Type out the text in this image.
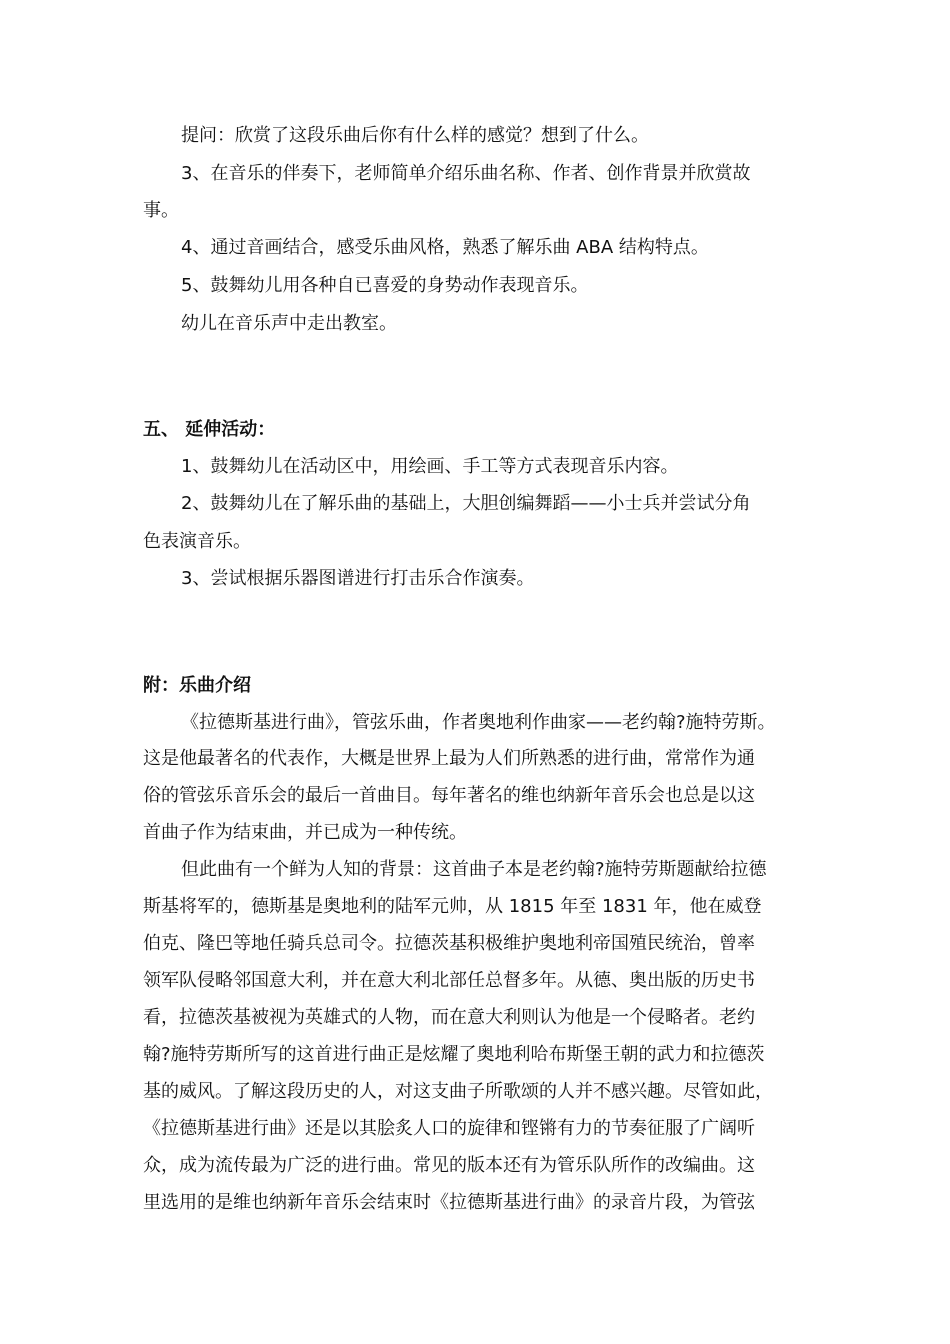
提问：欣赏了这段乐曲后你有什么样的感觉？想到了什么。
3、在音乐的伴奏下，老师简单介绍乐曲名称、作者、创作背景并欣赏故
事。
4、通过音画结合，感受乐曲风格，熟悉了解乐曲 ABA 结构特点。
5、鼓舞幼儿用各种自已喜爱的身势动作表现音乐。
幼儿在音乐声中走出教室。
五、 延伸活动：
1、鼓舞幼儿在活动区中，用绘画、手工等方式表现音乐内容。
2、鼓舞幼儿在了解乐曲的基础上，大胆创编舞蹈——小士兵并尝试分角
色表演音乐。
3、尝试根据乐器图谱进行打击乐合作演奏。
附：乐曲介绍
《拉德斯基进行曲》，管弦乐曲，作者奥地利作曲家——老约翰?施特劳斯。
这是他最著名的代表作，大概是世界上最为人们所熟悉的进行曲，常常作为通
俗的管弦乐音乐会的最后一首曲目。每年著名的维也纳新年音乐会也总是以这
首曲子作为结束曲，并已成为一种传统。
但此曲有一个鲜为人知的背景：这首曲子本是老约翰?施特劳斯题献给拉德
斯基将军的，德斯基是奥地利的陆军元帅，从 1815 年至 1831 年，他在威登
伯克、隆巴等地任骑兵总司令。拉德茨基积极维护奥地利帝国殖民统治，曾率
领军队侵略邻国意大利，并在意大利北部任总督多年。从德、奥出版的历史书
看，拉德茨基被视为英雄式的人物，而在意大利则认为他是一个侵略者。老约
翰?施特劳斯所写的这首进行曲正是炫耀了奥地利哈布斯堡王朝的武力和拉德茨
基的威风。了解这段历史的人，对这支曲子所歌颂的人并不感兴趣。尽管如此，
《拉德斯基进行曲》还是以其脍炙人口的旋律和铿锵有力的节奏征服了广阔听
众，成为流传最为广泛的进行曲。常见的版本还有为管乐队所作的改编曲。这
里选用的是维也纳新年音乐会结束时《拉德斯基进行曲》的录音片段，为管弦
